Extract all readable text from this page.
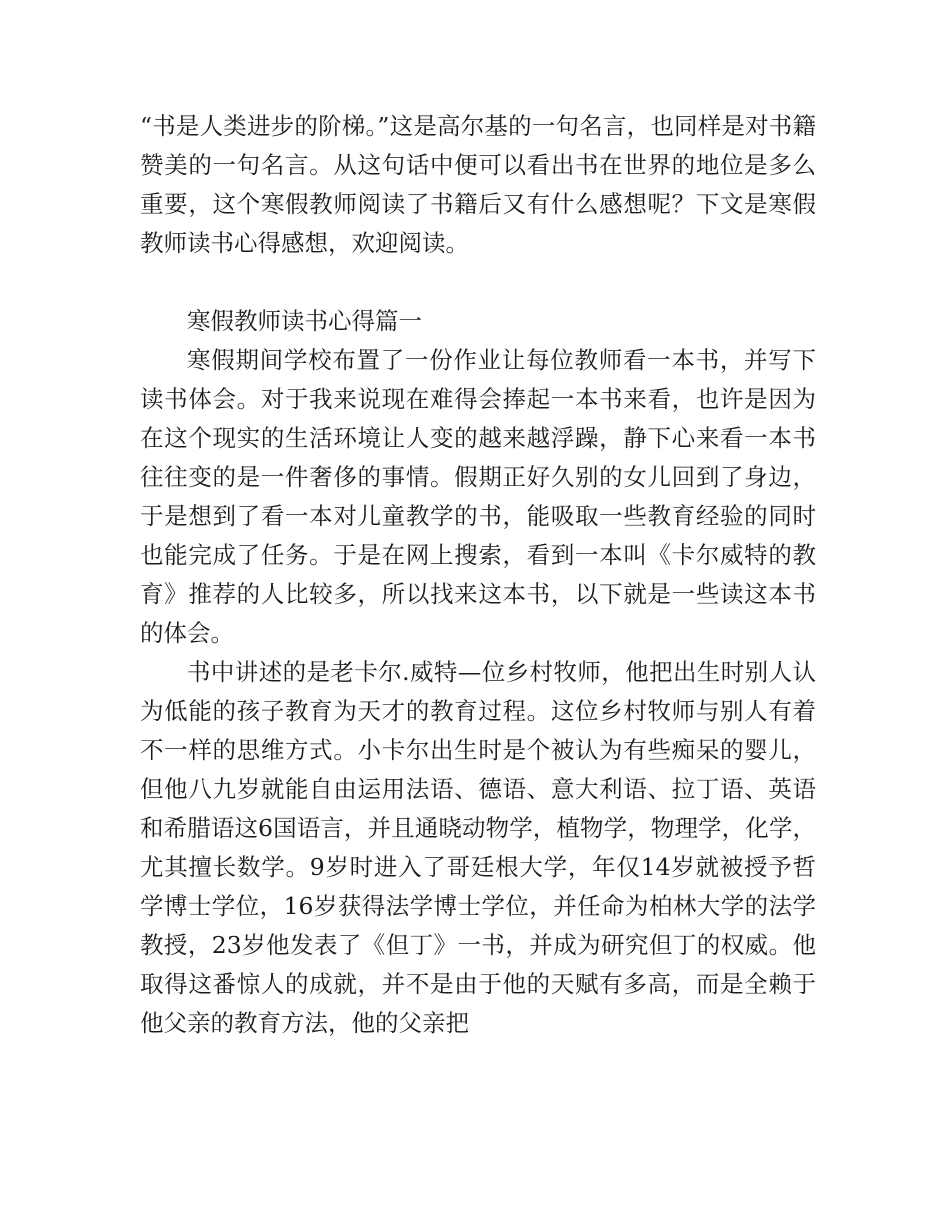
“书是人类进步的阶梯。”这是高尔基的一句名言，也同样是对书籍赞美的一句名言。从这句话中便可以看出书在世界的地位是多么重要，这个寒假教师阅读了书籍后又有什么感想呢？下文是寒假教师读书心得感想，欢迎阅读。

寒假教师读书心得篇一

寒假期间学校布置了一份作业让每位教师看一本书，并写下读书体会。对于我来说现在难得会捧起一本书来看，也许是因为在这个现实的生活环境让人变的越来越浮躁，静下心来看一本书往往变的是一件奢侈的事情。假期正好久别的女儿回到了身边，于是想到了看一本对儿童教学的书，能吸取一些教育经验的同时也能完成了任务。于是在网上搜索，看到一本叫《卡尔威特的教育》推荐的人比较多，所以找来这本书，以下就是一些读这本书的体会。

书中讲述的是老卡尔.威特—位乡村牧师，他把出生时别人认为低能的孩子教育为天才的教育过程。这位乡村牧师与别人有着不一样的思维方式。小卡尔出生时是个被认为有些痴呆的婴儿，但他八九岁就能自由运用法语、德语、意大利语、拉丁语、英语和希腊语这6国语言，并且通晓动物学，植物学，物理学，化学，尤其擅长数学。9岁时进入了哥廷根大学，年仅14岁就被授予哲学博士学位，16岁获得法学博士学位，并任命为柏林大学的法学教授，23岁他发表了《但丁》一书，并成为研究但丁的权威。他取得这番惊人的成就，并不是由于他的天赋有多高，而是全赖于他父亲的教育方法，他的父亲把
